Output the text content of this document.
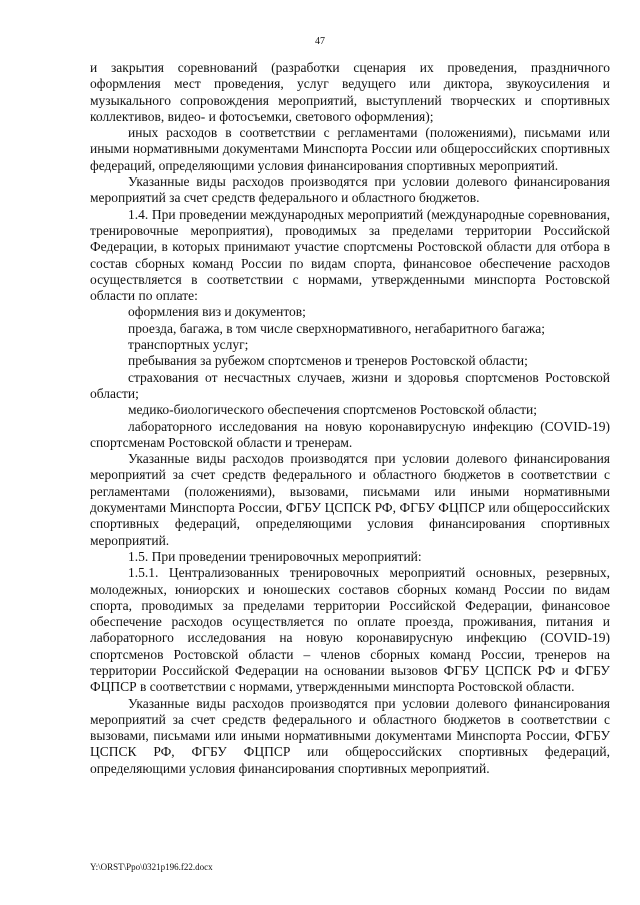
47

и закрытия соревнований (разработки сценария их проведения, праздничного оформления мест проведения, услуг ведущего или диктора, звукоусиления и музыкального сопровождения мероприятий, выступлений творческих и спортивных коллективов, видео- и фотосъемки, светового оформления);

иных расходов в соответствии с регламентами (положениями), письмами или иными нормативными документами Минспорта России или общероссийских спортивных федераций, определяющими условия финансирования спортивных мероприятий.

Указанные виды расходов производятся при условии долевого финансирования мероприятий за счет средств федерального и областного бюджетов.

1.4. При проведении международных мероприятий (международные соревнования, тренировочные мероприятия), проводимых за пределами территории Российской Федерации, в которых принимают участие спортсмены Ростовской области для отбора в состав сборных команд России по видам спорта, финансовое обеспечение расходов осуществляется в соответствии с нормами, утвержденными минспорта Ростовской области по оплате:

оформления виз и документов;

проезда, багажа, в том числе сверхнормативного, негабаритного багажа;

транспортных услуг;

пребывания за рубежом спортсменов и тренеров Ростовской области;

страхования от несчастных случаев, жизни и здоровья спортсменов Ростовской области;

медико-биологического обеспечения спортсменов Ростовской области;

лабораторного исследования на новую коронавирусную инфекцию (COVID-19) спортсменам Ростовской области и тренерам.

Указанные виды расходов производятся при условии долевого финансирования мероприятий за счет средств федерального и областного бюджетов в соответствии с регламентами (положениями), вызовами, письмами или иными нормативными документами Минспорта России, ФГБУ ЦСПСК РФ, ФГБУ ФЦПСР или общероссийских спортивных федераций, определяющими условия финансирования спортивных мероприятий.

1.5. При проведении тренировочных мероприятий:

1.5.1. Централизованных тренировочных мероприятий основных, резервных, молодежных, юниорских и юношеских составов сборных команд России по видам спорта, проводимых за пределами территории Российской Федерации, финансовое обеспечение расходов осуществляется по оплате проезда, проживания, питания и лабораторного исследования на новую коронавирусную инфекцию (COVID-19) спортсменов Ростовской области – членов сборных команд России, тренеров на территории Российской Федерации на основании вызовов ФГБУ ЦСПСК РФ и ФГБУ ФЦПСР в соответствии с нормами, утвержденными минспорта Ростовской области.

Указанные виды расходов производятся при условии долевого финансирования мероприятий за счет средств федерального и областного бюджетов в соответствии с вызовами, письмами или иными нормативными документами Минспорта России, ФГБУ ЦСПСК РФ, ФГБУ ФЦПСР или общероссийских спортивных федераций, определяющими условия финансирования спортивных мероприятий.

Y:\ORST\Ppo\0321p196.f22.docx
